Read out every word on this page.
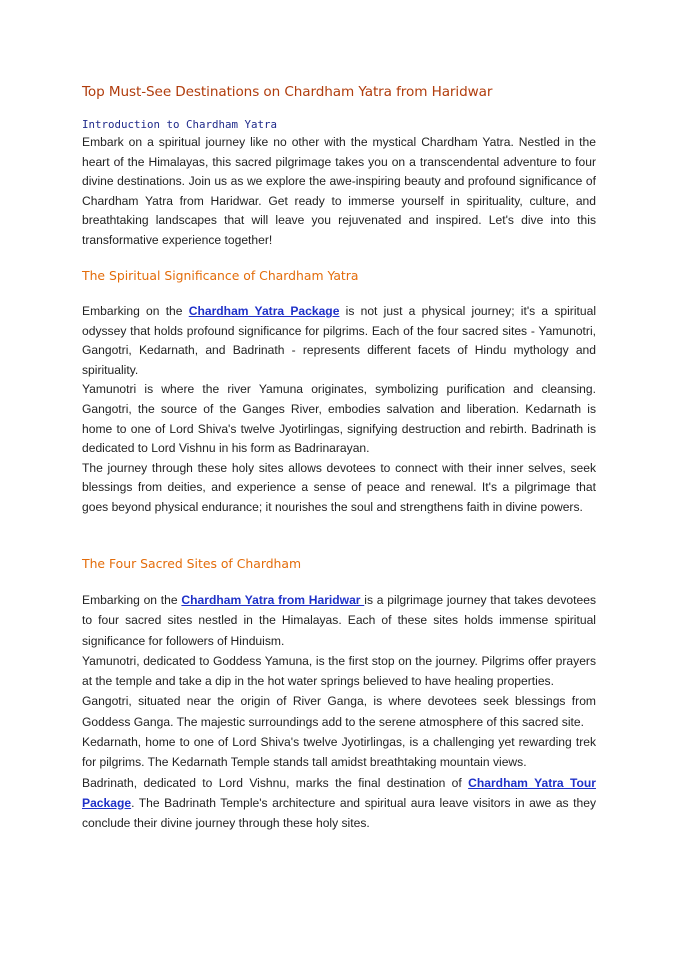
Top Must-See Destinations on Chardham Yatra from Haridwar
Introduction to Chardham Yatra

Embark on a spiritual journey like no other with the mystical Chardham Yatra. Nestled in the heart of the Himalayas, this sacred pilgrimage takes you on a transcendental adventure to four divine destinations. Join us as we explore the awe-inspiring beauty and profound significance of Chardham Yatra from Haridwar. Get ready to immerse yourself in spirituality, culture, and breathtaking landscapes that will leave you rejuvenated and inspired. Let's dive into this transformative experience together!

The Spiritual Significance of Chardham Yatra

Embarking on the Chardham Yatra Package is not just a physical journey; it's a spiritual odyssey that holds profound significance for pilgrims. Each of the four sacred sites - Yamunotri, Gangotri, Kedarnath, and Badrinath - represents different facets of Hindu mythology and spirituality.

Yamunotri is where the river Yamuna originates, symbolizing purification and cleansing. Gangotri, the source of the Ganges River, embodies salvation and liberation. Kedarnath is home to one of Lord Shiva's twelve Jyotirlingas, signifying destruction and rebirth. Badrinath is dedicated to Lord Vishnu in his form as Badrinarayan.

The journey through these holy sites allows devotees to connect with their inner selves, seek blessings from deities, and experience a sense of peace and renewal. It's a pilgrimage that goes beyond physical endurance; it nourishes the soul and strengthens faith in divine powers.

The Four Sacred Sites of Chardham

Embarking on the Chardham Yatra from Haridwar is a pilgrimage journey that takes devotees to four sacred sites nestled in the Himalayas. Each of these sites holds immense spiritual significance for followers of Hinduism.

Yamunotri, dedicated to Goddess Yamuna, is the first stop on the journey. Pilgrims offer prayers at the temple and take a dip in the hot water springs believed to have healing properties.

Gangotri, situated near the origin of River Ganga, is where devotees seek blessings from Goddess Ganga. The majestic surroundings add to the serene atmosphere of this sacred site.

Kedarnath, home to one of Lord Shiva's twelve Jyotirlingas, is a challenging yet rewarding trek for pilgrims. The Kedarnath Temple stands tall amidst breathtaking mountain views.

Badrinath, dedicated to Lord Vishnu, marks the final destination of Chardham Yatra Tour Package. The Badrinath Temple's architecture and spiritual aura leave visitors in awe as they conclude their divine journey through these holy sites.
